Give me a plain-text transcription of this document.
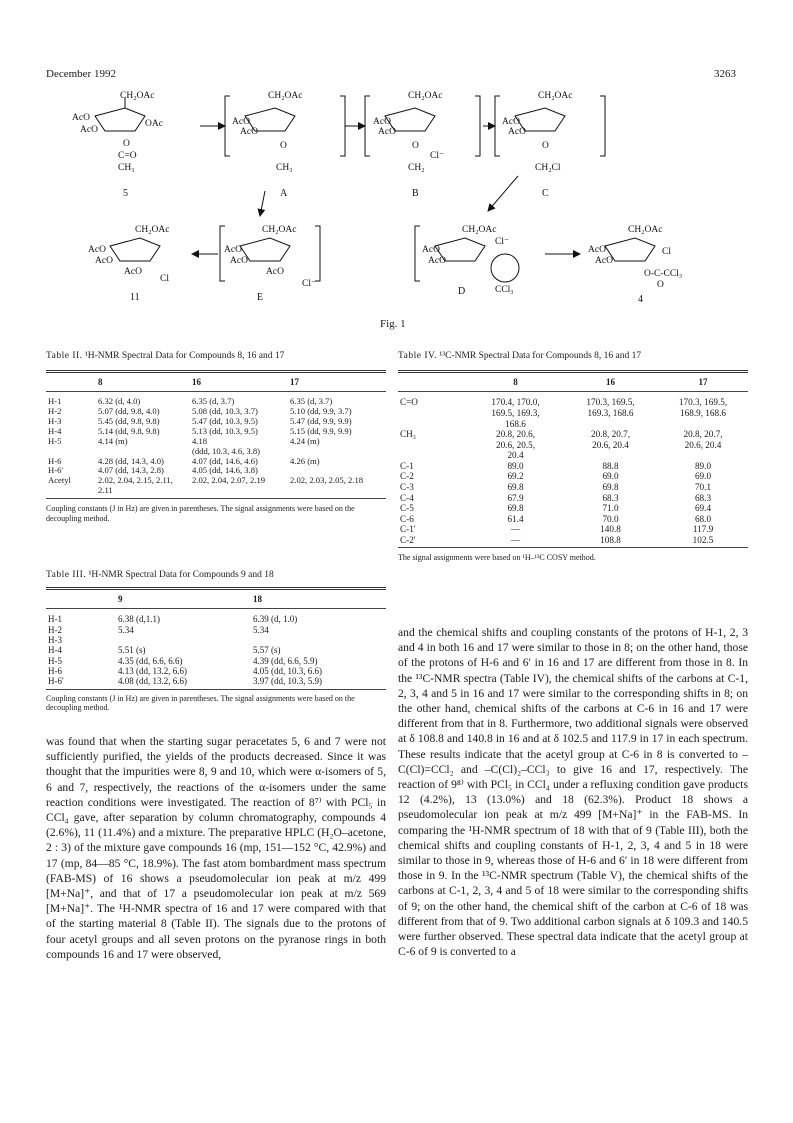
December 1992	3263
CH₂OAc
AcO
AcO
OAc
O
C=O
CH₃
5
CH₂OAc
AcO
AcO
O
CH₃
A
CH₂OAc
AcO
AcO
O
Cl⁻
CH₂
B
CH₂OAc
AcO
AcO
O
CH₂Cl
C
CH₂OAc
AcO
AcO
AcO
Cl
11
CH₂OAc
AcO
AcO
AcO
Cl⁻
E
CH₂OAc
AcO
AcO
Cl⁻
CCl₃
D
CH₂OAc
AcO
AcO
Cl
O-C-CCl₃
O
4
Fig. 1
Table II. ¹H-NMR Spectral Data for Compounds 8, 16 and 17
	8	16	17
H-1	6.32 (d, 4.0)	6.35 (d, 3.7)	6.35 (d, 3.7)
H-2	5.07 (dd, 9.8, 4.0)	5.08 (dd, 10.3, 3.7)	5.10 (dd, 9.9, 3.7)
H-3	5.45 (dd, 9.8, 9.8)	5.47 (dd, 10.3, 9.5)	5.47 (dd, 9.9, 9.9)
H-4	5.14 (dd, 9.8, 9.8)	5.13 (dd, 10.3, 9.5)	5.15 (dd, 9.9, 9.9)
H-5	4.14 (m)	4.18	4.24 (m)
		(ddd, 10.3, 4.6, 3.8)	
H-6	4.28 (dd, 14.3, 4.0)	4.07 (dd, 14.6, 4.6)	4.26 (m)
H-6′	4.07 (dd, 14.3, 2.8)	4.05 (dd, 14.6, 3.8)	
Acetyl	2.02, 2.04, 2.15, 2.11,	2.02, 2.04, 2.07, 2.19	2.02, 2.03, 2.05, 2.18
	2.11		
Coupling constants (J in Hz) are given in parentheses. The signal assignments were based on the decoupling method.
Table III. ¹H-NMR Spectral Data for Compounds 9 and 18
	9	18
H-1	6.38 (d,1.1)	6.39 (d, 1.0)
H-2	5.34	5.34
H-3		
H-4	5.51 (s)	5.57 (s)
H-5	4.35 (dd, 6.6, 6.6)	4.39 (dd, 6.6, 5.9)
H-6	4.13 (dd, 13.2, 6.6)	4.05 (dd, 10.3, 6.6)
H-6′	4.08 (dd, 13.2, 6.6)	3.97 (dd, 10.3, 5.9)
Coupling constants (J in Hz) are given in parentheses. The signal assignments were based on the decoupling method.
Table IV. ¹³C-NMR Spectral Data for Compounds 8, 16 and 17
	8	16	17
C=O	170.4, 170.0,	170.3, 169.5,	170.3, 169.5,
	169.5, 169.3,	169.3, 168.6	168.9, 168.6
	168.6		
CH₃	20.8, 20.6,	20.8, 20.7,	20.8, 20.7,
	20.6, 20.5,	20.6, 20.4	20.6, 20.4
	20.4		
C-1	89.0	88.8	89.0
C-2	69.2	69.0	69.0
C-3	69.8	69.8	70.1
C-4	67.9	68.3	68.3
C-5	69.8	71.0	69.4
C-6	61.4	70.0	68.0
C-1′	—	140.8	117.9
C-2′	—	108.8	102.5
The signal assignments were based on ¹H–¹³C COSY method.

was found that when the starting sugar peracetates 5, 6 and 7 were not sufficiently purified, the yields of the products decreased. Since it was thought that the impurities were 8, 9 and 10, which were α-isomers of 5, 6 and 7, respectively, the reactions of the α-isomers under the same reaction conditions were investigated. The reaction of 8⁷⁾ with PCl₅ in CCl₄ gave, after separation by column chromatography, compounds 4 (2.6%), 11 (11.4%) and a mixture. The preparative HPLC (H₂O–acetone, 2 : 3) of the mixture gave compounds 16 (mp, 151—152 °C, 42.9%) and 17 (mp, 84—85 °C, 18.9%). The fast atom bombardment mass spectrum (FAB-MS) of 16 shows a pseudomolecular ion peak at m/z 499 [M+Na]⁺, and that of 17 a pseudomolecular ion peak at m/z 569 [M+Na]⁺. The ¹H-NMR spectra of 16 and 17 were compared with that of the starting material 8 (Table II). The signals due to the protons of four acetyl groups and all seven protons on the pyranose rings in both compounds 16 and 17 were observed,

and the chemical shifts and coupling constants of the protons of H-1, 2, 3 and 4 in both 16 and 17 were similar to those in 8; on the other hand, those of the protons of H-6 and 6′ in 16 and 17 are different from those in 8. In the ¹³C-NMR spectra (Table IV), the chemical shifts of the carbons at C-1, 2, 3, 4 and 5 in 16 and 17 were similar to the corresponding shifts in 8; on the other hand, chemical shifts of the carbons at C-6 in 16 and 17 were different from that in 8. Furthermore, two additional signals were observed at δ 108.8 and 140.8 in 16 and at δ 102.5 and 117.9 in 17 in each spectrum. These results indicate that the acetyl group at C-6 in 8 is converted to –C(Cl)=CCl₂ and –C(Cl)₂–CCl₃ to give 16 and 17, respectively. The reaction of 9⁸⁾ with PCl₅ in CCl₄ under a refluxing condition gave products 12 (4.2%), 13 (13.0%) and 18 (62.3%). Product 18 shows a pseudomolecular ion peak at m/z 499 [M+Na]⁺ in the FAB-MS. In comparing the ¹H-NMR spectrum of 18 with that of 9 (Table III), both the chemical shifts and coupling constants of H-1, 2, 3, 4 and 5 in 18 were similar to those in 9, whereas those of H-6 and 6′ in 18 were different from those in 9. In the ¹³C-NMR spectrum (Table V), the chemical shifts of the carbons at C-1, 2, 3, 4 and 5 of 18 were similar to the corresponding shifts of 9; on the other hand, the chemical shift of the carbon at C-6 of 18 was different from that of 9. Two additional carbon signals at δ 109.3 and 140.5 were further observed. These spectral data indicate that the acetyl group at C-6 of 9 is converted to a
